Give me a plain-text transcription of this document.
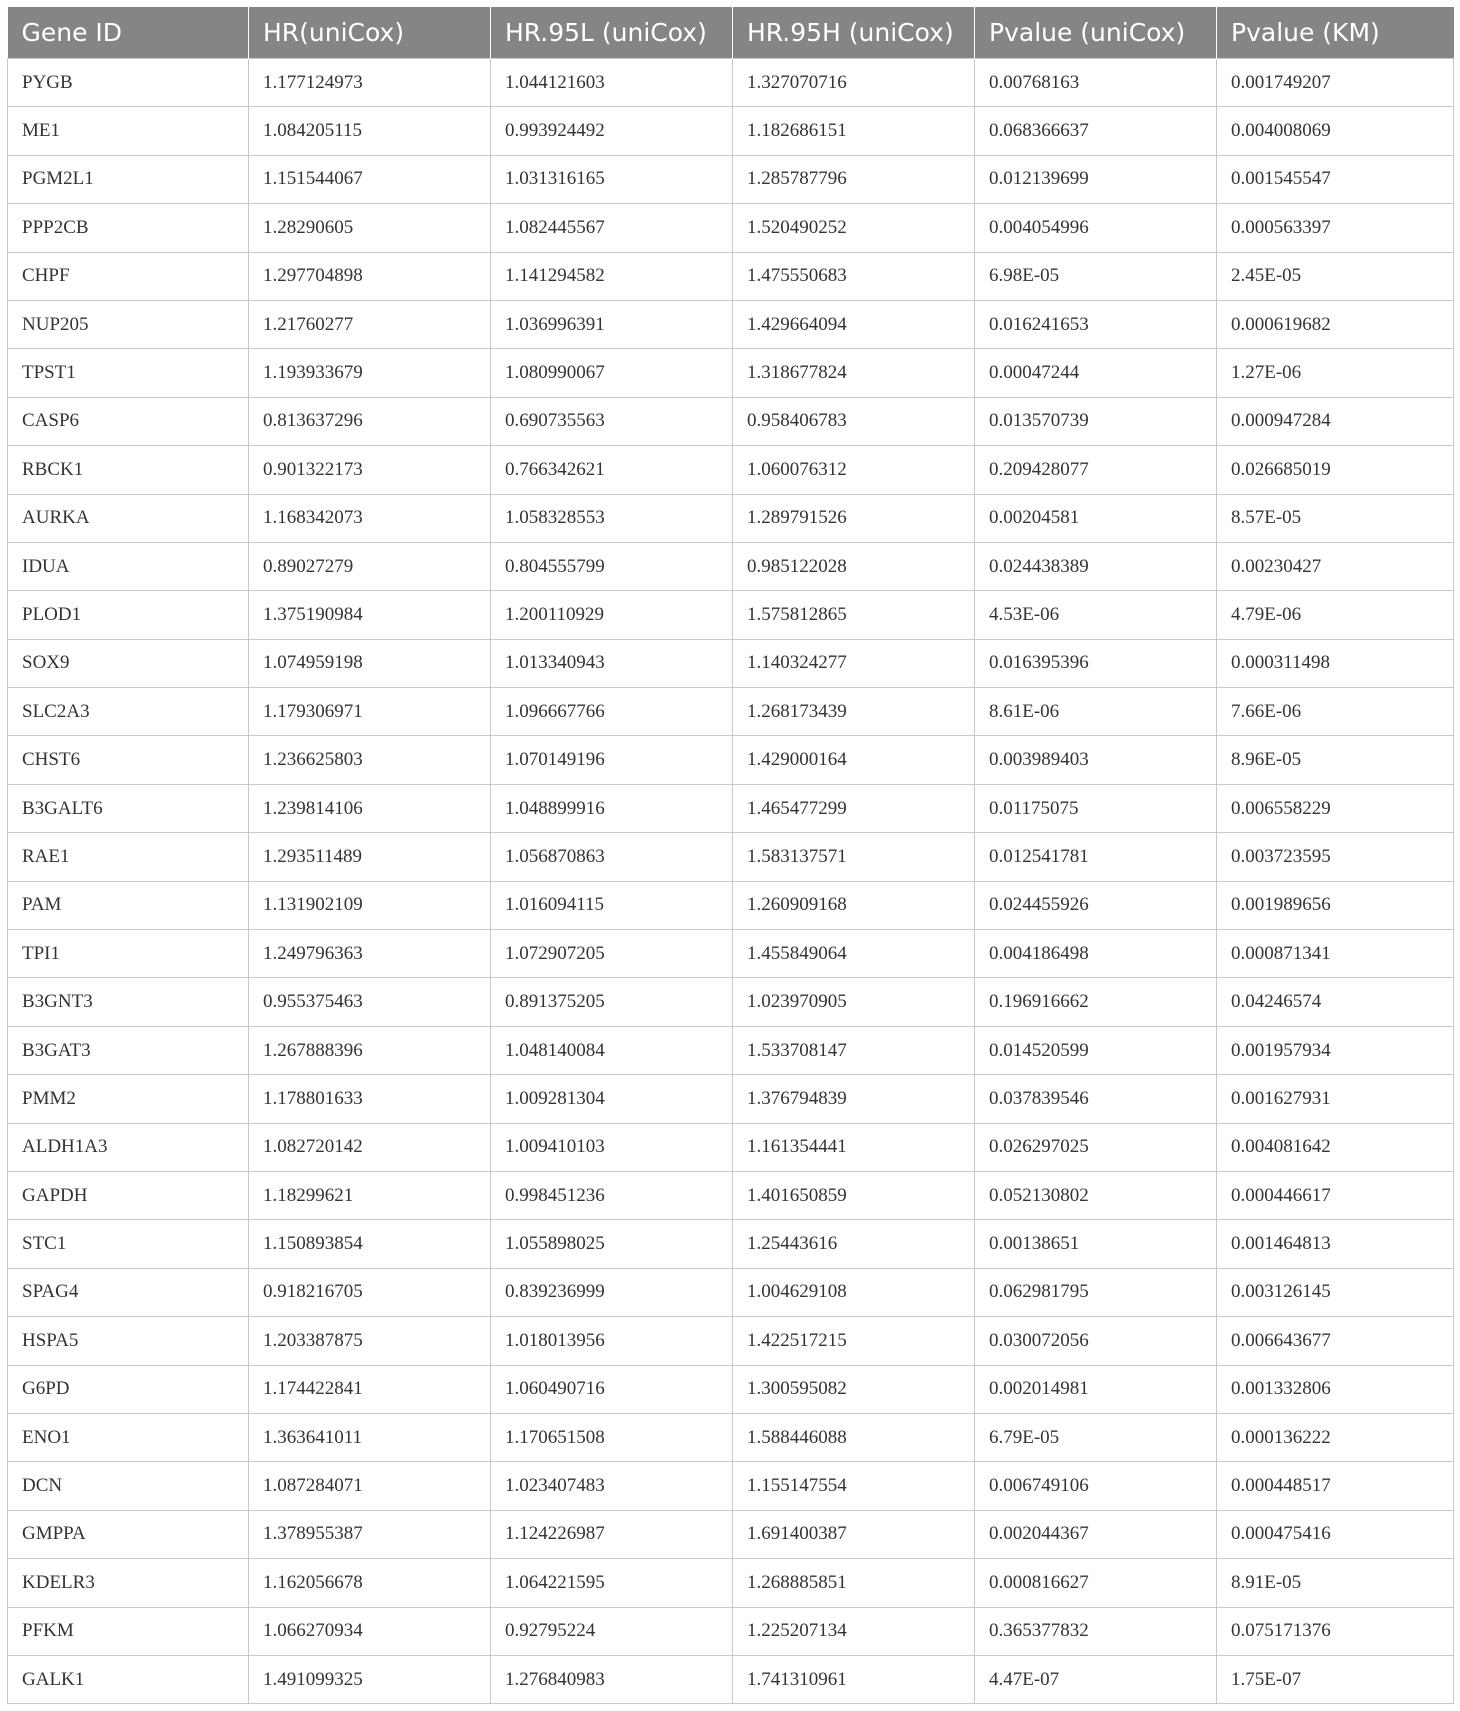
Gene ID	HR(uniCox)	HR.95L (uniCox)	HR.95H (uniCox)	Pvalue (uniCox)	Pvalue (KM)
PYGB	1.177124973	1.044121603	1.327070716	0.00768163	0.001749207
ME1	1.084205115	0.993924492	1.182686151	0.068366637	0.004008069
PGM2L1	1.151544067	1.031316165	1.285787796	0.012139699	0.001545547
PPP2CB	1.28290605	1.082445567	1.520490252	0.004054996	0.000563397
CHPF	1.297704898	1.141294582	1.475550683	6.98E-05	2.45E-05
NUP205	1.21760277	1.036996391	1.429664094	0.016241653	0.000619682
TPST1	1.193933679	1.080990067	1.318677824	0.00047244	1.27E-06
CASP6	0.813637296	0.690735563	0.958406783	0.013570739	0.000947284
RBCK1	0.901322173	0.766342621	1.060076312	0.209428077	0.026685019
AURKA	1.168342073	1.058328553	1.289791526	0.00204581	8.57E-05
IDUA	0.89027279	0.804555799	0.985122028	0.024438389	0.00230427
PLOD1	1.375190984	1.200110929	1.575812865	4.53E-06	4.79E-06
SOX9	1.074959198	1.013340943	1.140324277	0.016395396	0.000311498
SLC2A3	1.179306971	1.096667766	1.268173439	8.61E-06	7.66E-06
CHST6	1.236625803	1.070149196	1.429000164	0.003989403	8.96E-05
B3GALT6	1.239814106	1.048899916	1.465477299	0.01175075	0.006558229
RAE1	1.293511489	1.056870863	1.583137571	0.012541781	0.003723595
PAM	1.131902109	1.016094115	1.260909168	0.024455926	0.001989656
TPI1	1.249796363	1.072907205	1.455849064	0.004186498	0.000871341
B3GNT3	0.955375463	0.891375205	1.023970905	0.196916662	0.04246574
B3GAT3	1.267888396	1.048140084	1.533708147	0.014520599	0.001957934
PMM2	1.178801633	1.009281304	1.376794839	0.037839546	0.001627931
ALDH1A3	1.082720142	1.009410103	1.161354441	0.026297025	0.004081642
GAPDH	1.18299621	0.998451236	1.401650859	0.052130802	0.000446617
STC1	1.150893854	1.055898025	1.25443616	0.00138651	0.001464813
SPAG4	0.918216705	0.839236999	1.004629108	0.062981795	0.003126145
HSPA5	1.203387875	1.018013956	1.422517215	0.030072056	0.006643677
G6PD	1.174422841	1.060490716	1.300595082	0.002014981	0.001332806
ENO1	1.363641011	1.170651508	1.588446088	6.79E-05	0.000136222
DCN	1.087284071	1.023407483	1.155147554	0.006749106	0.000448517
GMPPA	1.378955387	1.124226987	1.691400387	0.002044367	0.000475416
KDELR3	1.162056678	1.064221595	1.268885851	0.000816627	8.91E-05
PFKM	1.066270934	0.92795224	1.225207134	0.365377832	0.075171376
GALK1	1.491099325	1.276840983	1.741310961	4.47E-07	1.75E-07
